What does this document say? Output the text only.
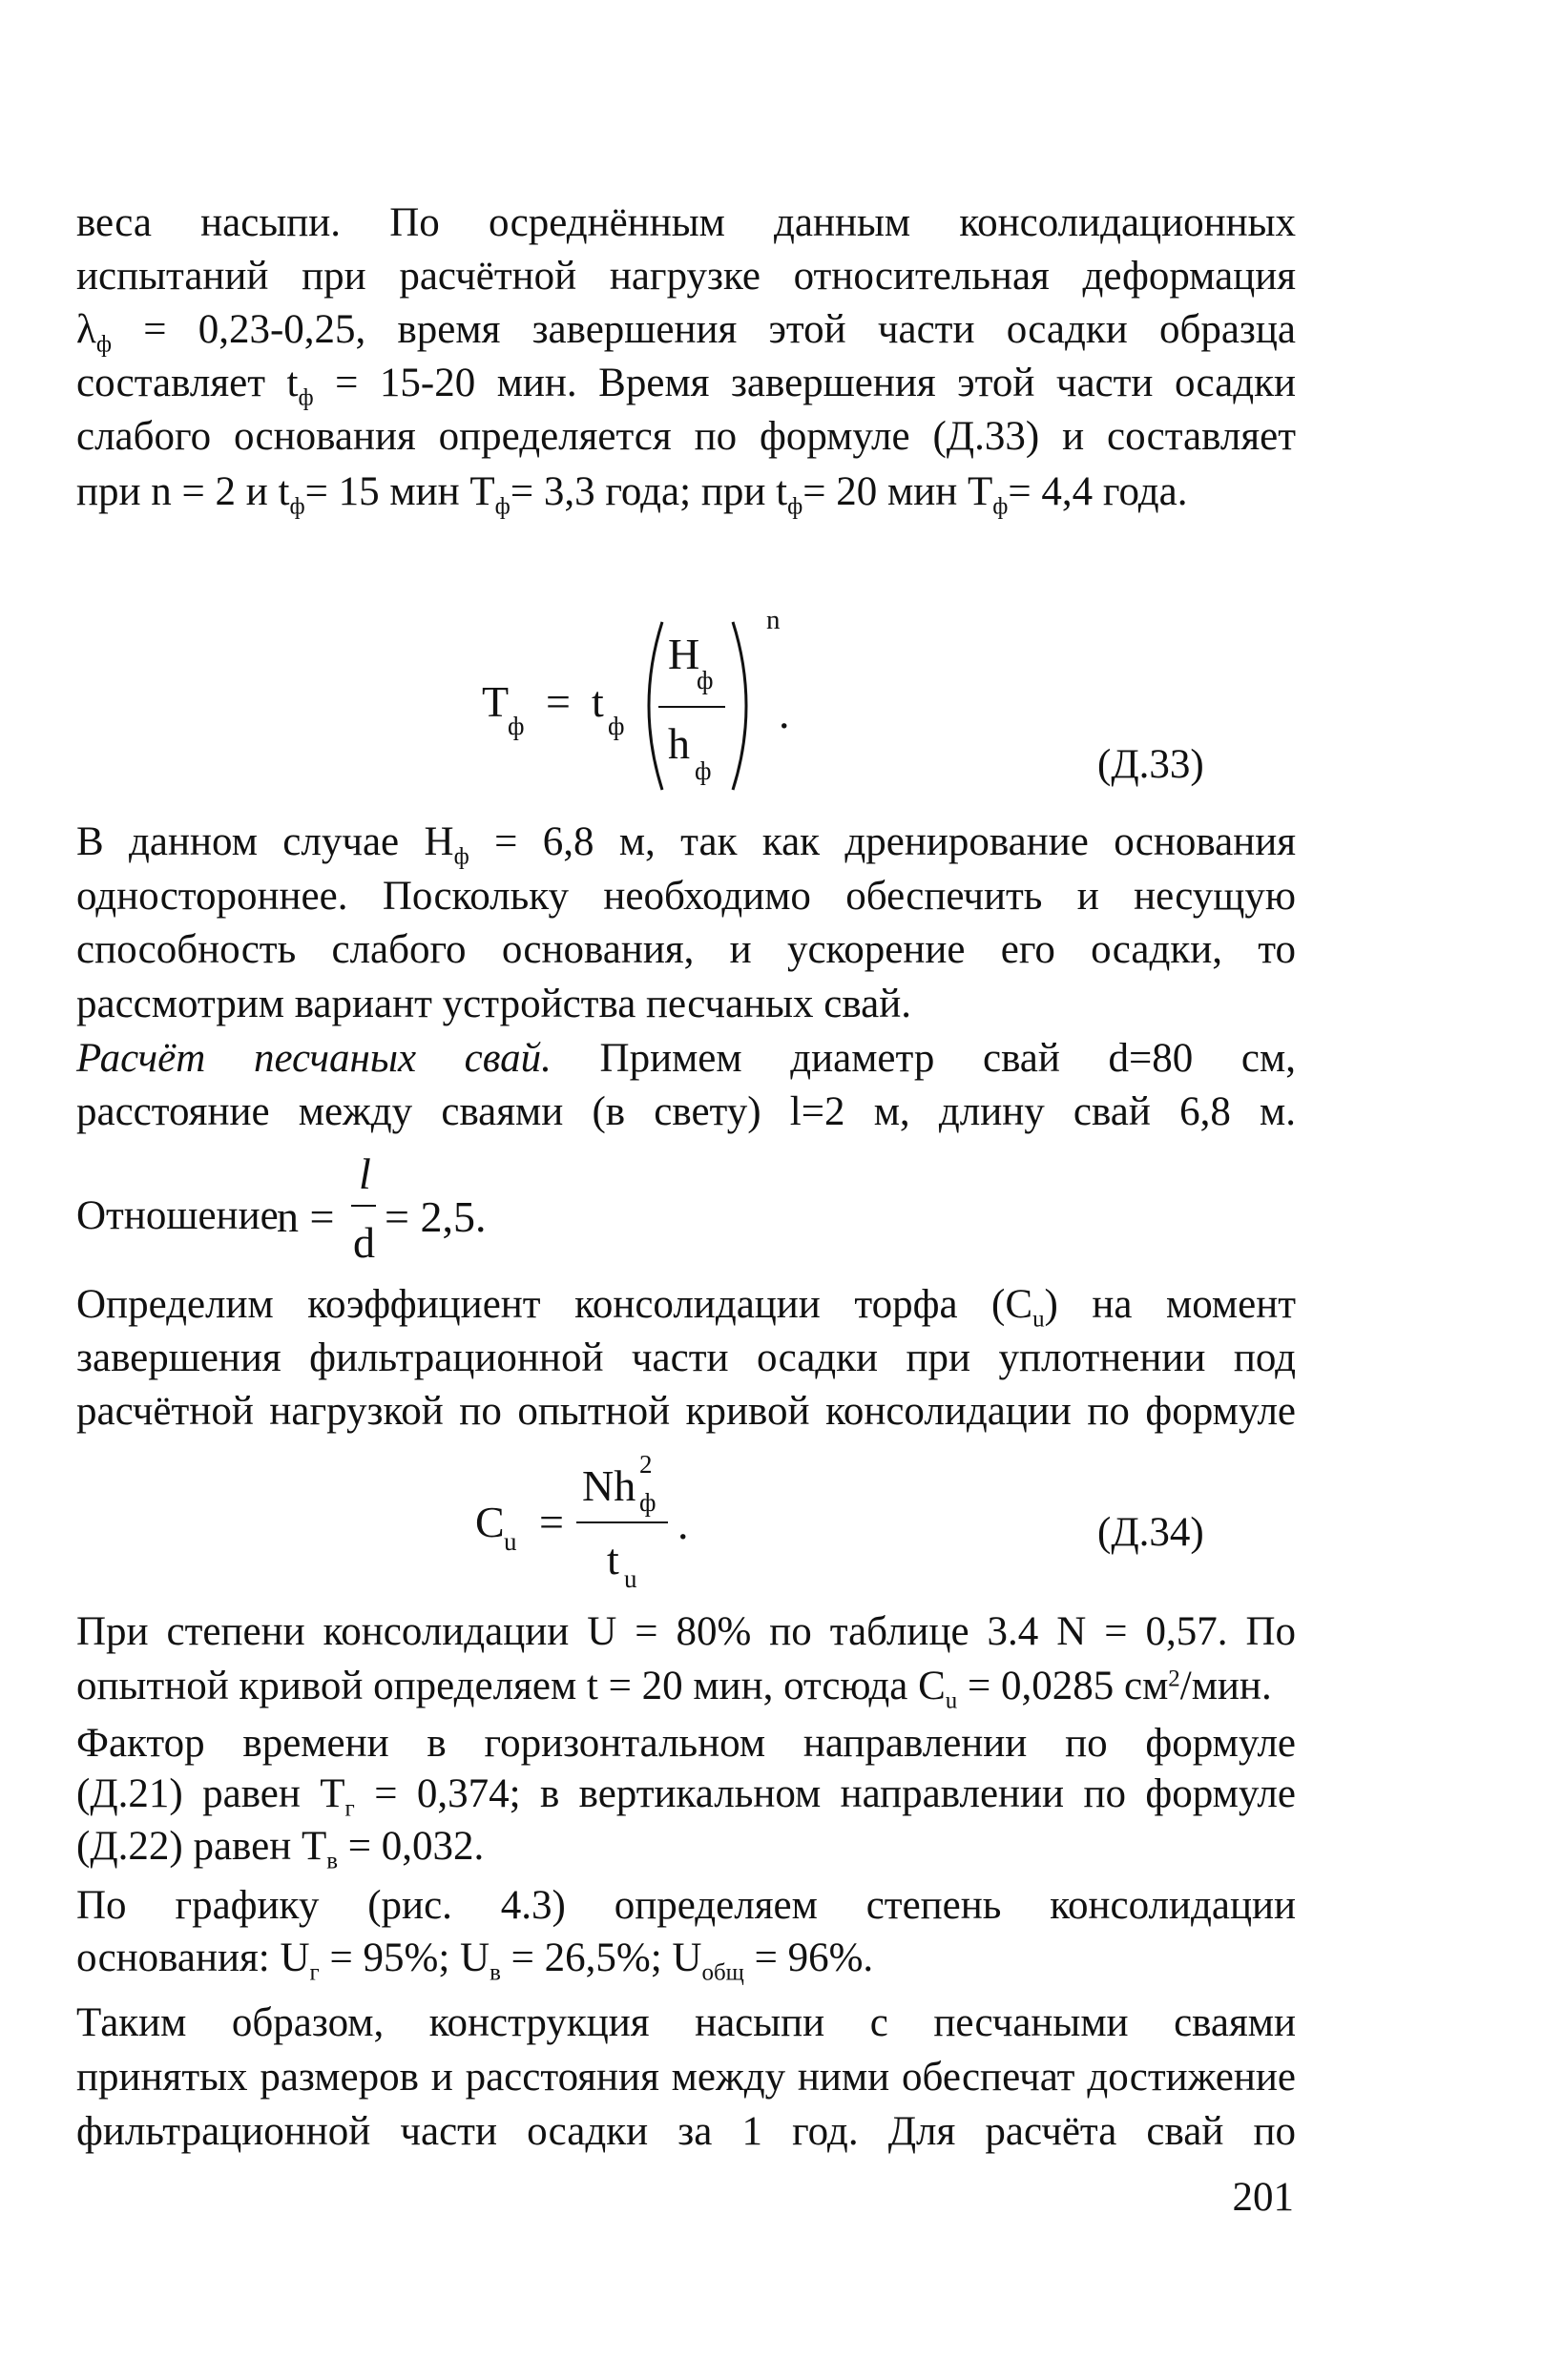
веса насыпи. По осреднённым данным консолидационных
испытаний при расчётной нагрузке относительная деформация
$\lambda_ф = 0,23-0,25$, время завершения этой части осадки образца
составляет $t_ф = 15-20$ мин. Время завершения этой части осадки
слабого основания определяется по формуле (Д.33) и составляет
при n = 2 и $t_ф= 15$ мин $T_ф= 3,3$ года; при $t_ф= 20$ мин $T_ф= 4,4$ года.
T
ф = t ф
H
ф
h
ф
n
.
(Д.33)
В данном случае $H_ф = 6,8$ м, так как дренирование основания
одностороннее. Поскольку необходимо обеспечить и несущую
способность слабого основания, и ускорение его осадки, то
рассмотрим вариант устройства песчаных свай.
Расчёт песчаных свай. Примем диаметр свай d=80 см,
расстояние между сваями (в свету) l=2 м, длину свай 6,8 м.
Отношение
n =
l
d
= 2,5.
Определим коэффициент консолидации торфа $(C_u)$ на момент
завершения фильтрационной части осадки при уплотнении под
расчётной нагрузкой по опытной кривой консолидации по формуле
C u =
Nh 2
ф
t u
.	(Д.34)
При степени консолидации U = 80% по таблице 3.4 N = 0,57. По
опытной кривой определяем t = 20 мин, отсюда $C_u = 0,0285$ $см^2$/мин.
Фактор времени в горизонтальном направлении по формуле
(Д.21) равен $T_г = 0,374$; в вертикальном направлении по формуле
(Д.22) равен $T_в = 0,032$.
По графику (рис. 4.3) определяем степень консолидации
основания: $U_г = 95\%$; $U_в = 26,5\%$; $U_{общ} = 96\%$.
Таким образом, конструкция насыпи с песчаными сваями
принятых размеров и расстояния между ними обеспечат достижение
фильтрационной части осадки за 1 год. Для расчёта свай по
201
